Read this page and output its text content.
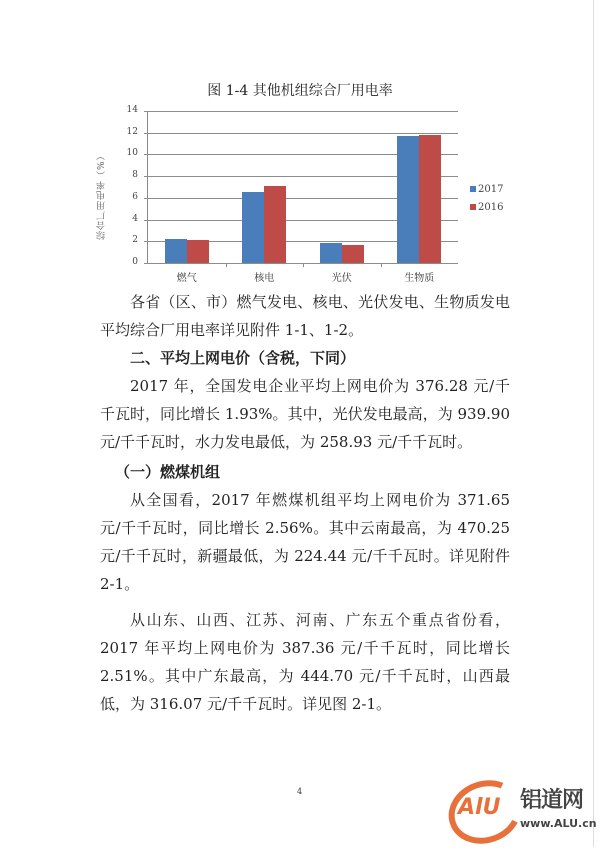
图 1-4 其他机组综合厂用电率
综合厂用电率（%）
0
2
4
6
8
10
12
14
燃气	核电	光伏	生物质
2017
2016

各省（区、市）燃气发电、核电、光伏发电、生物质发电平均综合厂用电率详见附件 1-1、1-2。

二、平均上网电价（含税，下同）

2017 年，全国发电企业平均上网电价为 376.28 元/千千瓦时，同比增长 1.93%。其中，光伏发电最高，为 939.90 元/千千瓦时，水力发电最低，为 258.93 元/千千瓦时。

（一）燃煤机组

从全国看，2017 年燃煤机组平均上网电价为 371.65 元/千千瓦时，同比增长 2.56%。其中云南最高，为 470.25 元/千千瓦时，新疆最低，为 224.44 元/千千瓦时。详见附件 2-1。

从山东、山西、江苏、河南、广东五个重点省份看，2017 年平均上网电价为 387.36 元/千千瓦时，同比增长 2.51%。其中广东最高，为 444.70 元/千千瓦时，山西最低，为 316.07 元/千千瓦时。详见图 2-1。

4
AlU 铝道网
www.ALU.cn
